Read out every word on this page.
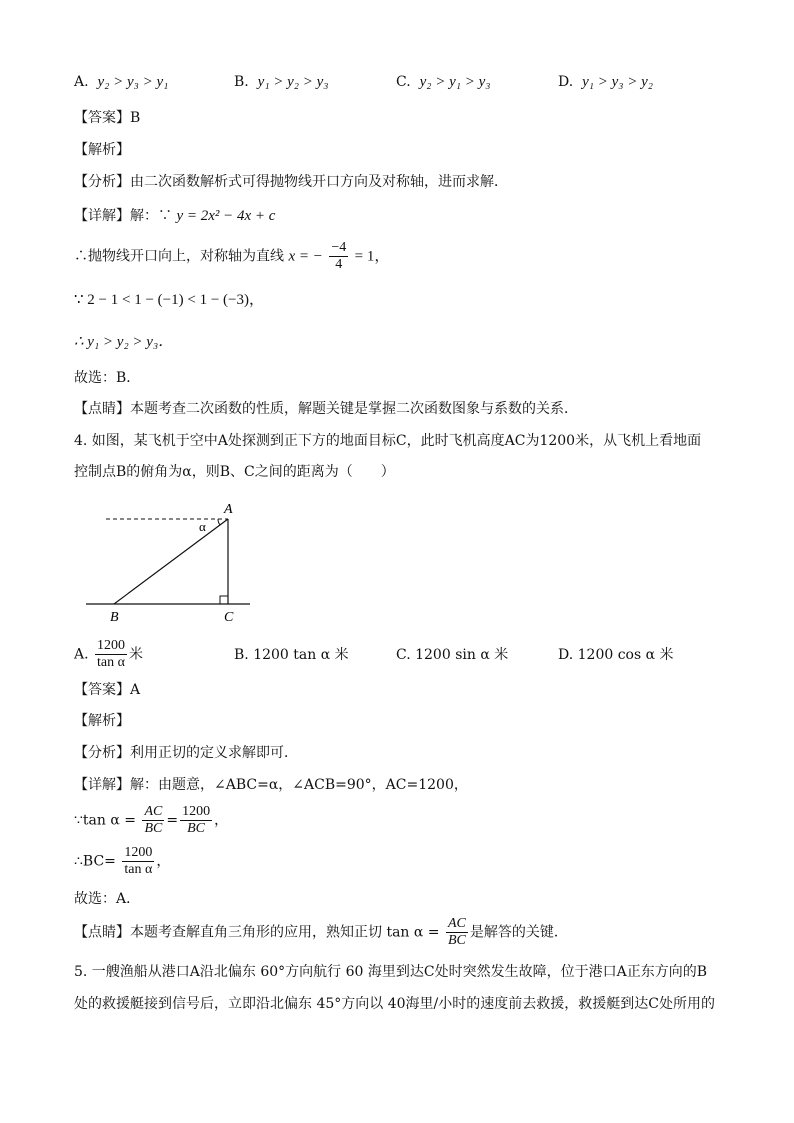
A. y₂ > y₃ > y₁	B. y₁ > y₂ > y₃	C. y₂ > y₁ > y₃	D. y₁ > y₃ > y₂
【答案】B
【解析】
【分析】由二次函数解析式可得抛物线开口方向及对称轴，进而求解．
【详解】解：∵ y = 2x² − 4x + c
∴抛物线开口向上，对称轴为直线 x = − $\frac{-4}{4} = 1$，
∵ 2 − 1 < 1 − (−1) < 1 − (−3)，
∴ y₁ > y₂ > y₃．
故选：B．
【点睛】本题考查二次函数的性质，解题关键是掌握二次函数图象与系数的关系．
4. 如图，某飞机于空中A处探测到正下方的地面目标C，此时飞机高度AC为1200米，从飞机上看地面
控制点B的俯角为α，则B、C之间的距离为（　　）
A
B	C
α
A. $\frac{1200}{\text{tan α}}$ 米	B. 1200 tan α 米	C. 1200 sin α 米	D. 1200 cos α 米
【答案】A
【解析】
【分析】利用正切的定义求解即可．
【详解】解：由题意，∠ABC=α，∠ACB=90°，AC=1200，
∵tan $\alpha = \frac{AC}{BC} = \frac{1200}{BC}$ ，
∴BC= $\frac{1200}{\text{tan α}}$ ，
故选：A．
【点睛】本题考查解直角三角形的应用，熟知正切 $\tan \alpha = \frac{AC}{BC}$ 是解答的关键．
5. 一艘渔船从港口A沿北偏东 60°方向航行 60 海里到达C处时突然发生故障，位于港口A正东方向的B
处的救援艇接到信号后，立即沿北偏东 45°方向以 40海里/小时的速度前去救援，救援艇到达C处所用的
